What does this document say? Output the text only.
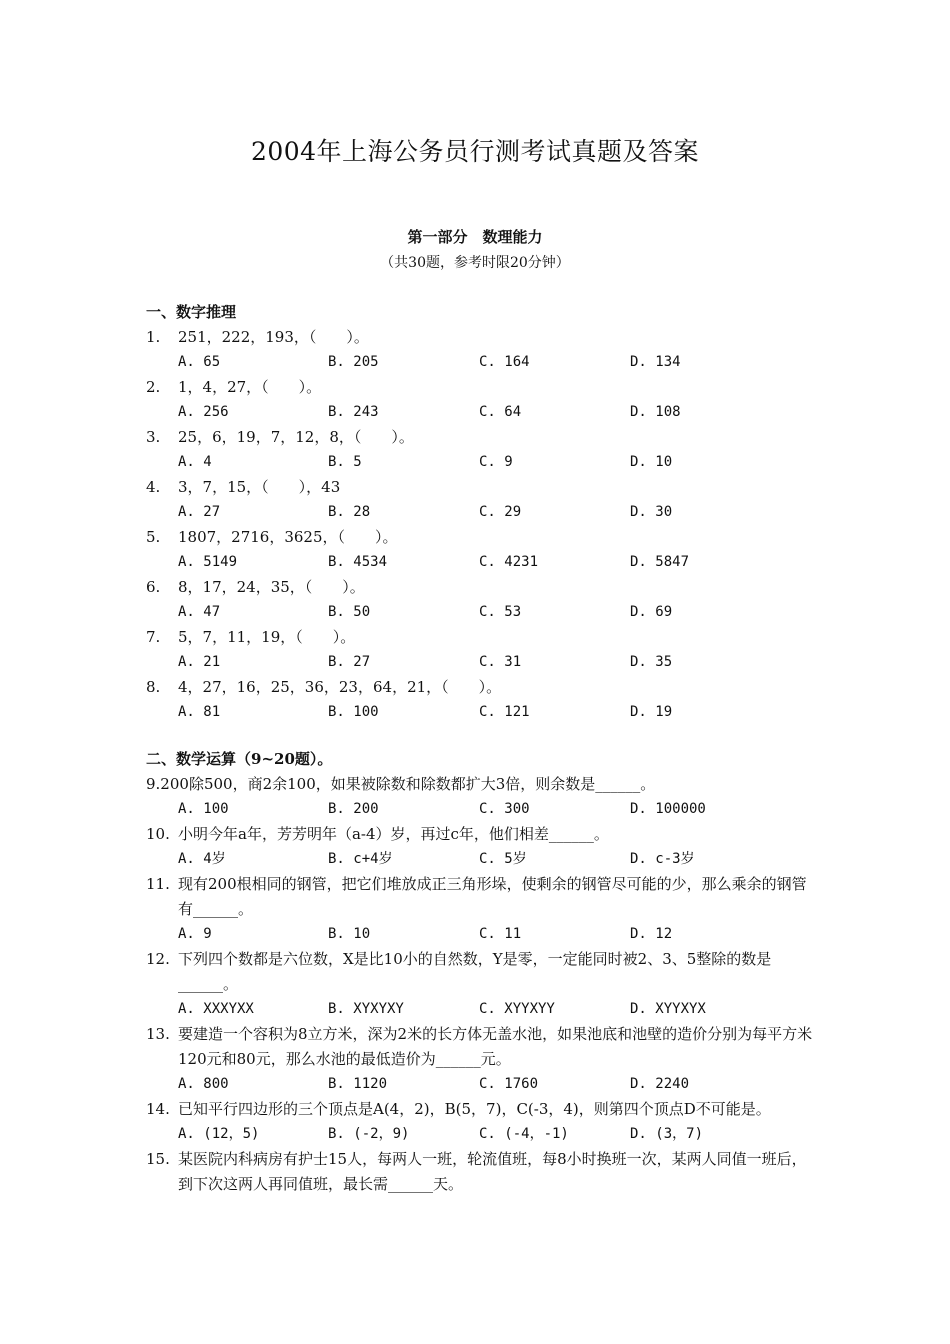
2004年上海公务员行测考试真题及答案
第一部分　数理能力
（共30题，参考时限20分钟）
一、数字推理
1. 251，222，193，（　　）。
A. 65	B. 205	C. 164	D. 134
2. 1，4，27，（　　）。
A. 256	B. 243	C. 64	D. 108
3. 25，6，19，7，12，8，（　　）。
A. 4	B. 5	C. 9	D. 10
4. 3，7，15，（　　），43
A. 27	B. 28	C. 29	D. 30
5. 1807，2716，3625，（　　）。
A. 5149	B. 4534	C. 4231	D. 5847
6. 8，17，24，35，（　　）。
A. 47	B. 50	C. 53	D. 69
7. 5，7，11，19，（　　）。
A. 21	B. 27	C. 31	D. 35
8. 4，27，16，25，36，23，64，21，（　　）。
A. 81	B. 100	C. 121	D. 19
二、数学运算（9~20题）。
9.200除500，商2余100，如果被除数和除数都扩大3倍，则余数是______。
A. 100	B. 200	C. 300	D. 100000
10. 小明今年a年，芳芳明年（a-4）岁，再过c年，他们相差______。
A. 4岁	B. c+4岁	C. 5岁	D. c-3岁
11. 现有200根相同的钢管，把它们堆放成正三角形垛，使剩余的钢管尽可能的少，那么乘余的钢管有______。
A. 9	B. 10	C. 11	D. 12
12. 下列四个数都是六位数，X是比10小的自然数，Y是零，一定能同时被2、3、5整除的数是______。
A. XXXYXX	B. XYXYXY	C. XYYXYY	D. XYYXYX
13. 要建造一个容积为8立方米，深为2米的长方体无盖水池，如果池底和池壁的造价分别为每平方米120元和80元，那么水池的最低造价为______元。
A. 800	B. 1120	C. 1760	D. 2240
14. 已知平行四边形的三个顶点是A(4，2)，B(5，7)，C(-3，4)，则第四个顶点D不可能是。
A. (12，5)	B. (-2，9)	C. (-4，-1)	D. (3，7)
15. 某医院内科病房有护士15人，每两人一班，轮流值班，每8小时换班一次，某两人同值一班后，到下次这两人再同值班，最长需______天。
